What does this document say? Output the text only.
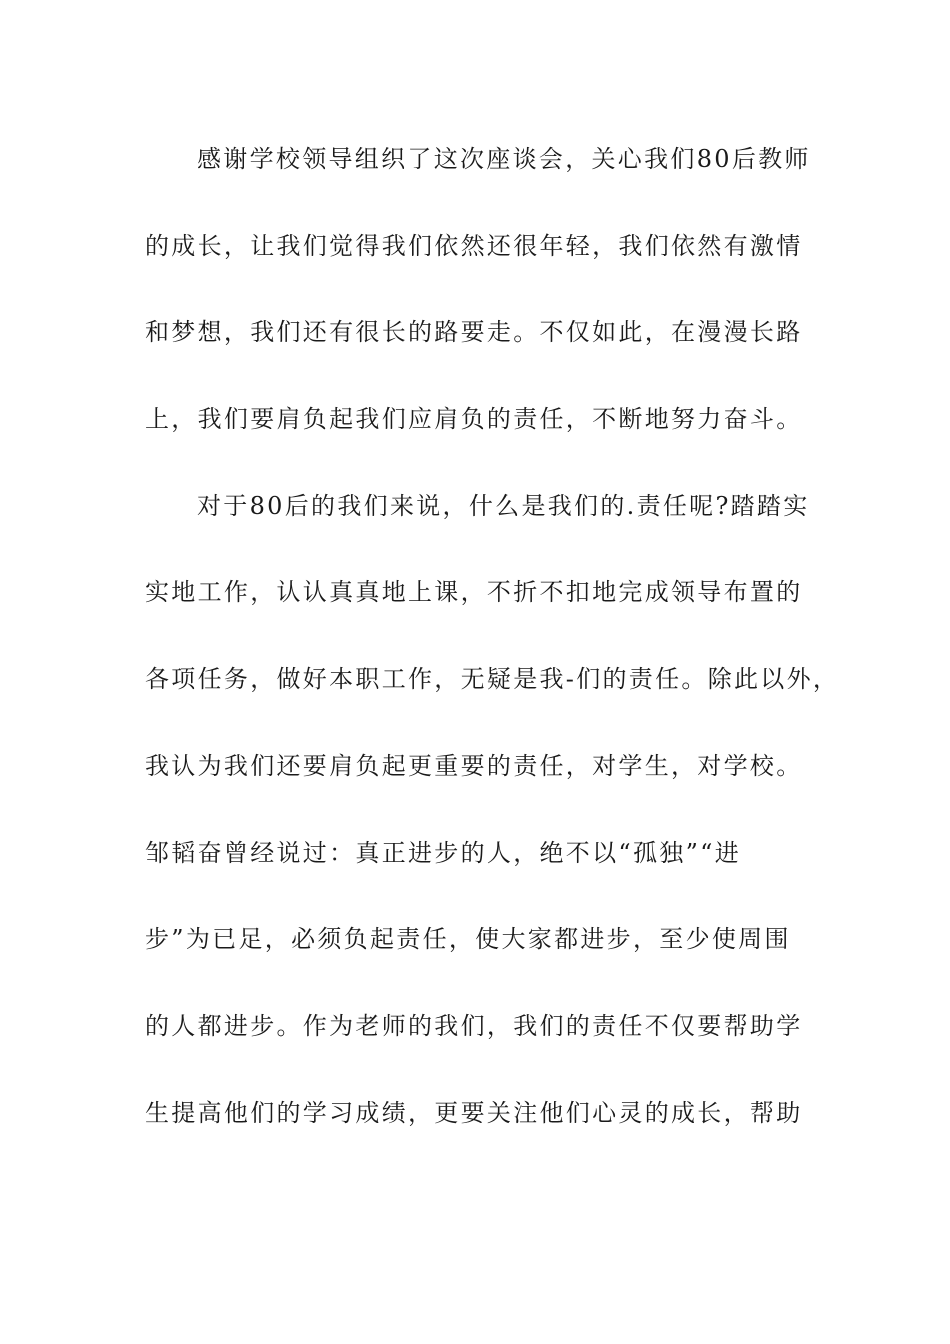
感谢学校领导组织了这次座谈会，关心我们80后教师
的成长，让我们觉得我们依然还很年轻，我们依然有激情
和梦想，我们还有很长的路要走。不仅如此，在漫漫长路
上，我们要肩负起我们应肩负的责任，不断地努力奋斗。
对于80后的我们来说，什么是我们的.责任呢?踏踏实
实地工作，认认真真地上课，不折不扣地完成领导布置的
各项任务，做好本职工作，无疑是我-们的责任。除此以外，
我认为我们还要肩负起更重要的责任，对学生，对学校。
邹韬奋曾经说过：真正进步的人，绝不以“孤独”“进
步”为已足，必须负起责任，使大家都进步，至少使周围
的人都进步。作为老师的我们，我们的责任不仅要帮助学
生提高他们的学习成绩，更要关注他们心灵的成长，帮助
